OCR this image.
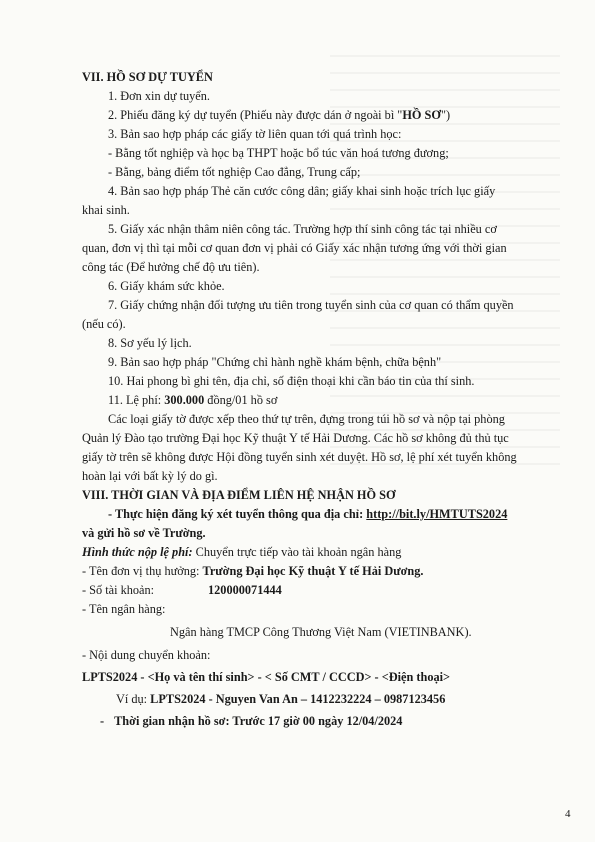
VII. HỒ SƠ DỰ TUYỂN
1. Đơn xin dự tuyển.
2. Phiếu đăng ký dự tuyển (Phiếu này được dán ở ngoài bì "HỒ SƠ")
3. Bản sao hợp pháp các giấy tờ liên quan tới quá trình học:
- Bằng tốt nghiệp và học bạ THPT hoặc bổ túc văn hoá tương đương;
- Bằng, bảng điểm tốt nghiệp Cao đẳng, Trung cấp;
4. Bản sao hợp pháp Thẻ căn cước công dân; giấy khai sinh hoặc trích lục giấy
khai sinh.
5. Giấy xác nhận thâm niên công tác. Trường hợp thí sinh công tác tại nhiều cơ
quan, đơn vị thì tại mỗi cơ quan đơn vị phải có Giấy xác nhận tương ứng với thời gian
công tác (Để hưởng chế độ ưu tiên).
6. Giấy khám sức khỏe.
7. Giấy chứng nhận đối tượng ưu tiên trong tuyển sinh của cơ quan có thẩm quyền
(nếu có).
8. Sơ yếu lý lịch.
9. Bản sao hợp pháp "Chứng chỉ hành nghề khám bệnh, chữa bệnh"
10. Hai phong bì ghi tên, địa chỉ, số điện thoại khi cần báo tin của thí sinh.
11. Lệ phí: 300.000 đồng/01 hồ sơ
Các loại giấy tờ được xếp theo thứ tự trên, đựng trong túi hồ sơ và nộp tại phòng
Quản lý Đào tạo trường Đại học Kỹ thuật Y tế Hải Dương. Các hồ sơ không đủ thủ tục
giấy tờ trên sẽ không được Hội đồng tuyển sinh xét duyệt. Hồ sơ, lệ phí xét tuyển không
hoàn lại với bất kỳ lý do gì.
VIII. THỜI GIAN VÀ ĐỊA ĐIỂM LIÊN HỆ NHẬN HỒ SƠ
- Thực hiện đăng ký xét tuyển thông qua địa chỉ: http://bit.ly/HMTUTS2024
và gửi hồ sơ về Trường.
Hình thức nộp lệ phí: Chuyển trực tiếp vào tài khoản ngân hàng
- Tên đơn vị thụ hưởng: Trường Đại học Kỹ thuật Y tế Hải Dương.
- Số tài khoản:	120000071444
- Tên ngân hàng:
Ngân hàng TMCP Công Thương Việt Nam (VIETINBANK).
- Nội dung chuyển khoản:
LPTS2024 - <Họ và tên thí sinh> - < Số CMT / CCCD> - <Điện thoại>
Ví dụ: LPTS2024 - Nguyen Van An – 1412232224 – 0987123456
- Thời gian nhận hồ sơ: Trước 17 giờ 00 ngày 12/04/2024
4
